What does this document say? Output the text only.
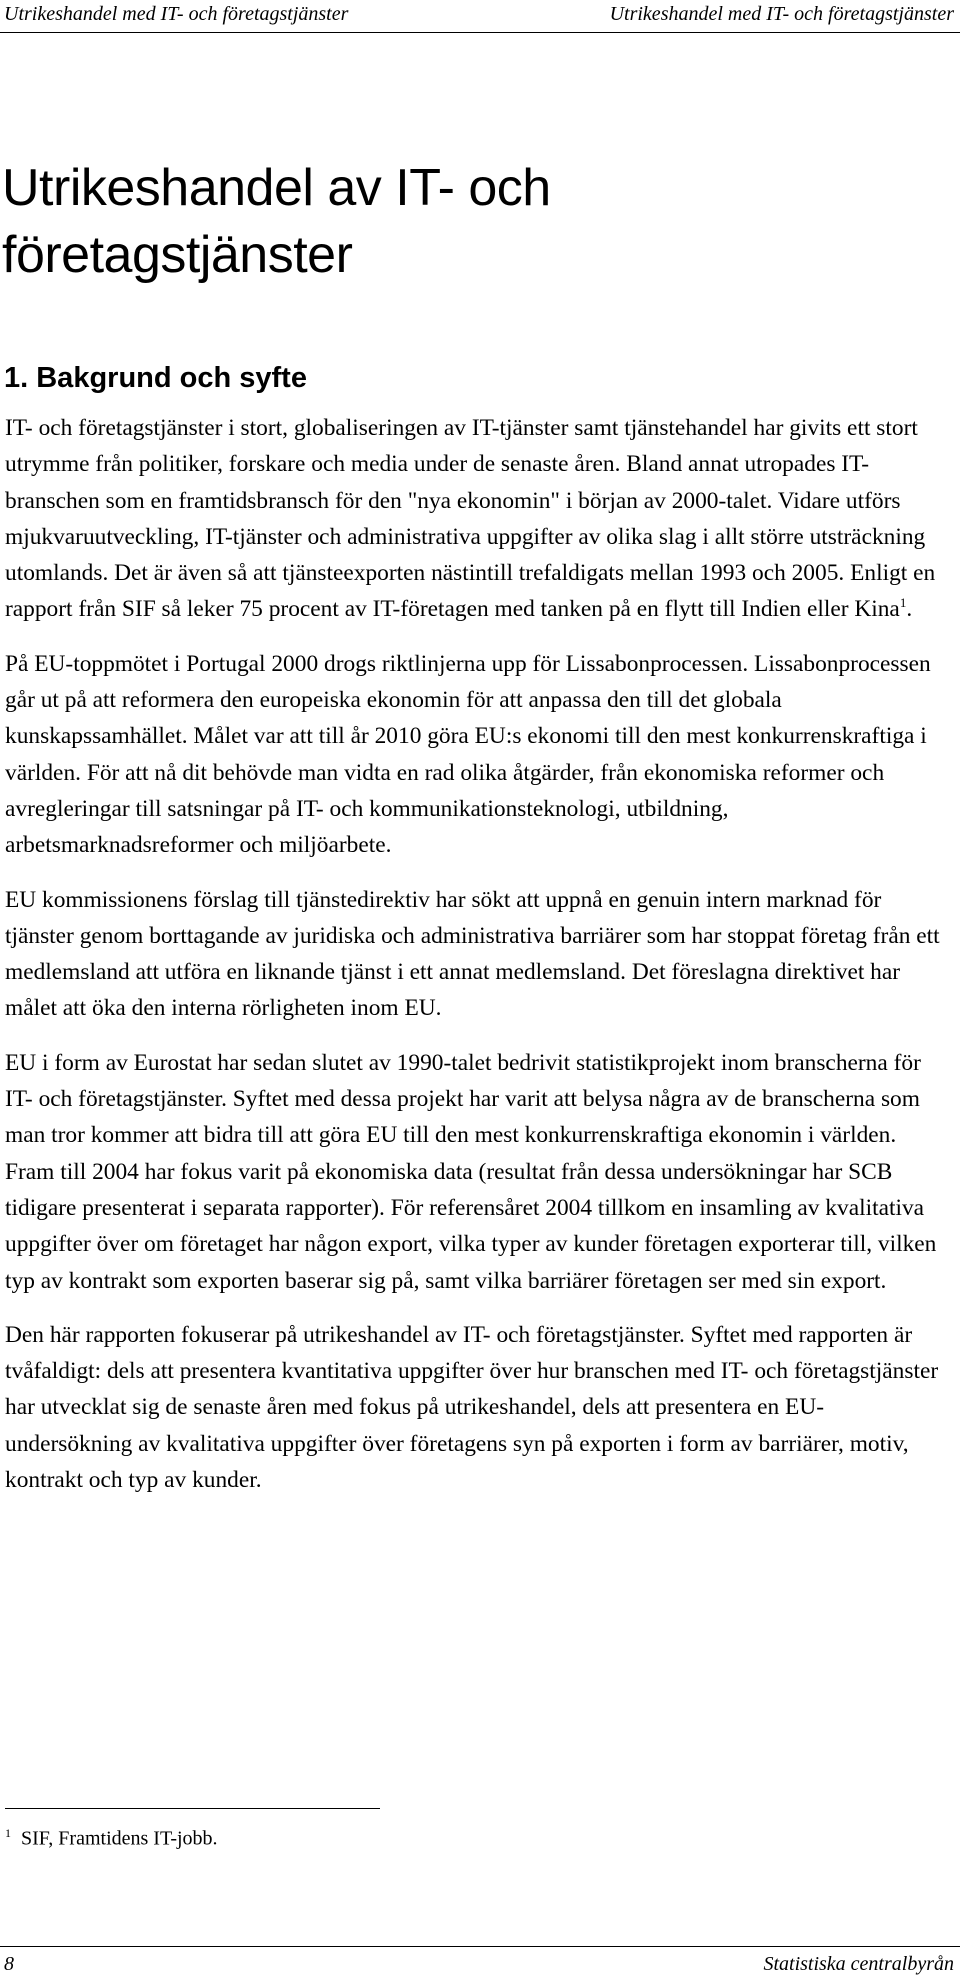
Utrikeshandel med IT- och företagstjänster	Utrikeshandel med IT- och företagstjänster
Utrikeshandel av IT- och
företagstjänster
1. Bakgrund och syfte

IT- och företagstjänster i stort, globaliseringen av IT-tjänster samt tjänstehandel har givits ett stort utrymme från politiker, forskare och media under de senaste åren. Bland annat utropades IT-branschen som en framtidsbransch för den "nya ekonomin" i början av 2000-talet. Vidare utförs mjukvaruutveckling, IT-tjänster och administrativa uppgifter av olika slag i allt större utsträckning utomlands. Det är även så att tjänsteexporten nästintill trefaldigats mellan 1993 och 2005. Enligt en rapport från SIF så leker 75 procent av IT-företagen med tanken på en flytt till Indien eller Kina$^1$.

På EU-toppmötet i Portugal 2000 drogs riktlinjerna upp för Lissabonprocessen. Lissabonprocessen går ut på att reformera den europeiska ekonomin för att anpassa den till det globala kunskapssamhället. Målet var att till år 2010 göra EU:s ekonomi till den mest konkurrenskraftiga i världen. För att nå dit behövde man vidta en rad olika åtgärder, från ekonomiska reformer och avregleringar till satsningar på IT- och kommunikationsteknologi, utbildning, arbetsmarknadsreformer och miljöarbete.

EU kommissionens förslag till tjänstedirektiv har sökt att uppnå en genuin intern marknad för tjänster genom borttagande av juridiska och administrativa barriärer som har stoppat företag från ett medlemsland att utföra en liknande tjänst i ett annat medlemsland. Det föreslagna direktivet har målet att öka den interna rörligheten inom EU.

EU i form av Eurostat har sedan slutet av 1990-talet bedrivit statistikprojekt inom branscherna för IT- och företagstjänster. Syftet med dessa projekt har varit att belysa några av de branscherna som man tror kommer att bidra till att göra EU till den mest konkurrenskraftiga ekonomin i världen. Fram till 2004 har fokus varit på ekonomiska data (resultat från dessa undersökningar har SCB tidigare presenterat i separata rapporter). För referensåret 2004 tillkom en insamling av kvalitativa uppgifter över om företaget har någon export, vilka typer av kunder företagen exporterar till, vilken typ av kontrakt som exporten baserar sig på, samt vilka barriärer företagen ser med sin export.

Den här rapporten fokuserar på utrikeshandel av IT- och företagstjänster. Syftet med rapporten är tvåfaldigt: dels att presentera kvantitativa uppgifter över hur branschen med IT- och företagstjänster har utvecklat sig de senaste åren med fokus på utrikeshandel, dels att presentera en EU-undersökning av kvalitativa uppgifter över företagens syn på exporten i form av barriärer, motiv, kontrakt och typ av kunder.

$^1$ SIF, Framtidens IT-jobb.
8	Statistiska centralbyrån
